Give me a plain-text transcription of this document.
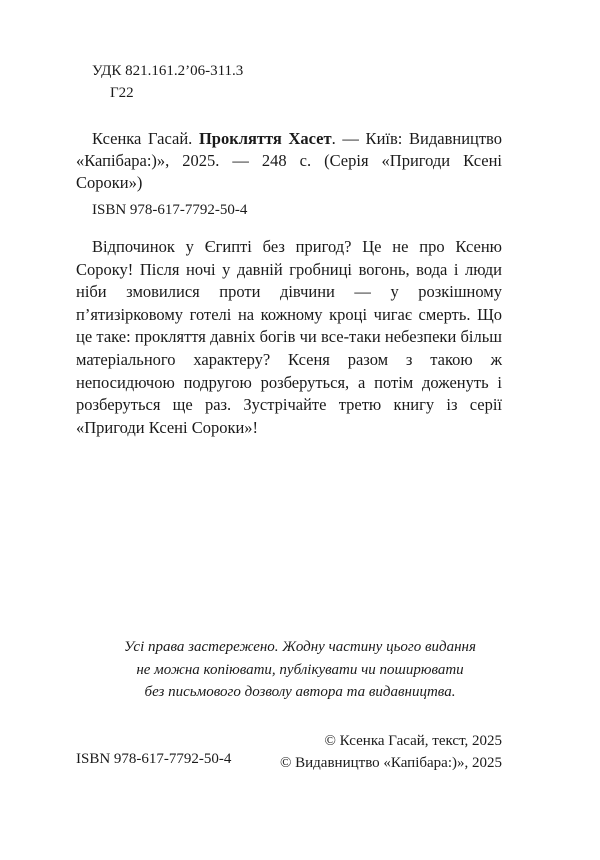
УДК 821.161.2’06-311.3
Г22
Ксенка Гасай. Прокляття Хасет. — Київ: Видавництво «Капібара:)», 2025. — 248 с. (Серія «Пригоди Ксені Сороки»)
ISBN 978-617-7792-50-4
Відпочинок у Єгипті без пригод? Це не про Ксеню Сороку! Після ночі у давній гробниці вогонь, вода і люди ніби змовилися проти дівчини — у розкішному п’ятизірковому готелі на кожному кроці чигає смерть. Що це таке: прокляття давніх богів чи все-таки небезпеки більш матеріального характеру? Ксеня разом з такою ж непосидючою подругою розберуться, а потім доженуть і розберуться ще раз. Зустрічайте третю книгу із серії «Пригоди Ксені Сороки»!
Усі права застережено. Жодну частину цього видання
не можна копіювати, публікувати чи поширювати
без письмового дозволу автора та видавництва.
ISBN 978-617-7792-50-4
© Ксенка Гасай, текст, 2025
© Видавництво «Капібара:)», 2025
